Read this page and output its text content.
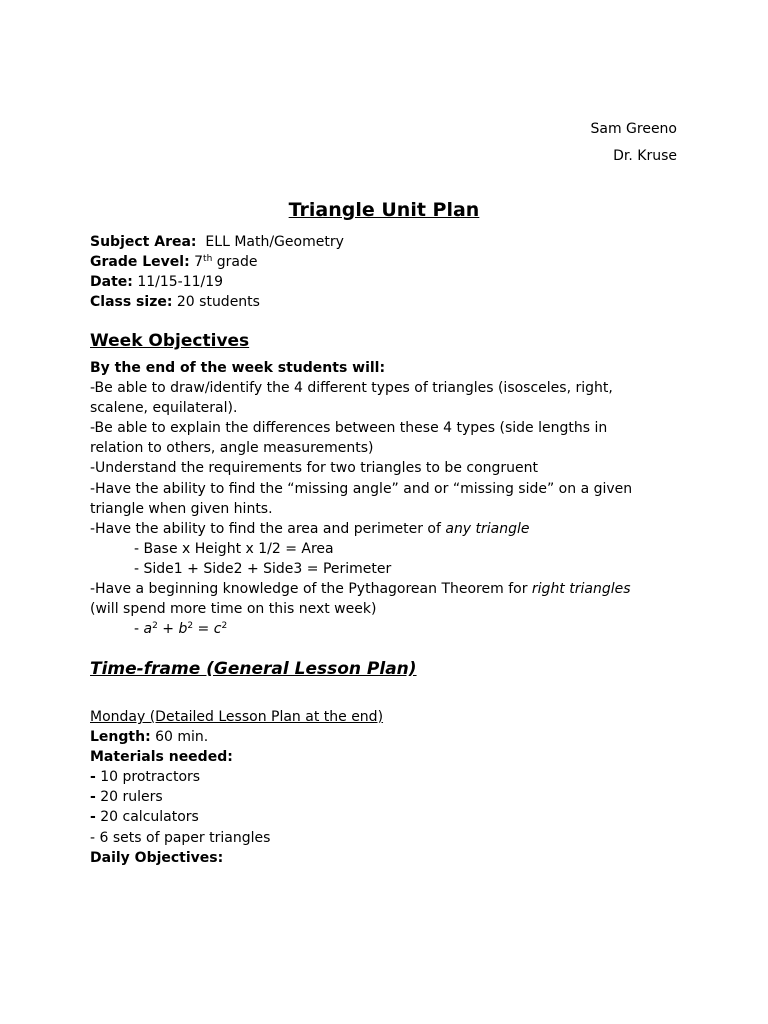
Sam Greeno
Dr. Kruse
Triangle Unit Plan
Subject Area: ELL Math/Geometry
Grade Level: 7th grade
Date: 11/15-11/19
Class size: 20 students
Week Objectives
By the end of the week students will:
-Be able to draw/identify the 4 different types of triangles (isosceles, right,
scalene, equilateral).
-Be able to explain the differences between these 4 types (side lengths in
relation to others, angle measurements)
-Understand the requirements for two triangles to be congruent
-Have the ability to find the “missing angle” and or “missing side” on a given
triangle when given hints.
-Have the ability to find the area and perimeter of any triangle
- Base x Height x 1/2 = Area
- Side1 + Side2 + Side3 = Perimeter
-Have a beginning knowledge of the Pythagorean Theorem for right triangles
(will spend more time on this next week)
- $a^2 + b^2 = c^2$
Time-frame (General Lesson Plan)
Monday (Detailed Lesson Plan at the end)
Length: 60 min.
Materials needed:
- 10 protractors
- 20 rulers
- 20 calculators
- 6 sets of paper triangles
Daily Objectives:
